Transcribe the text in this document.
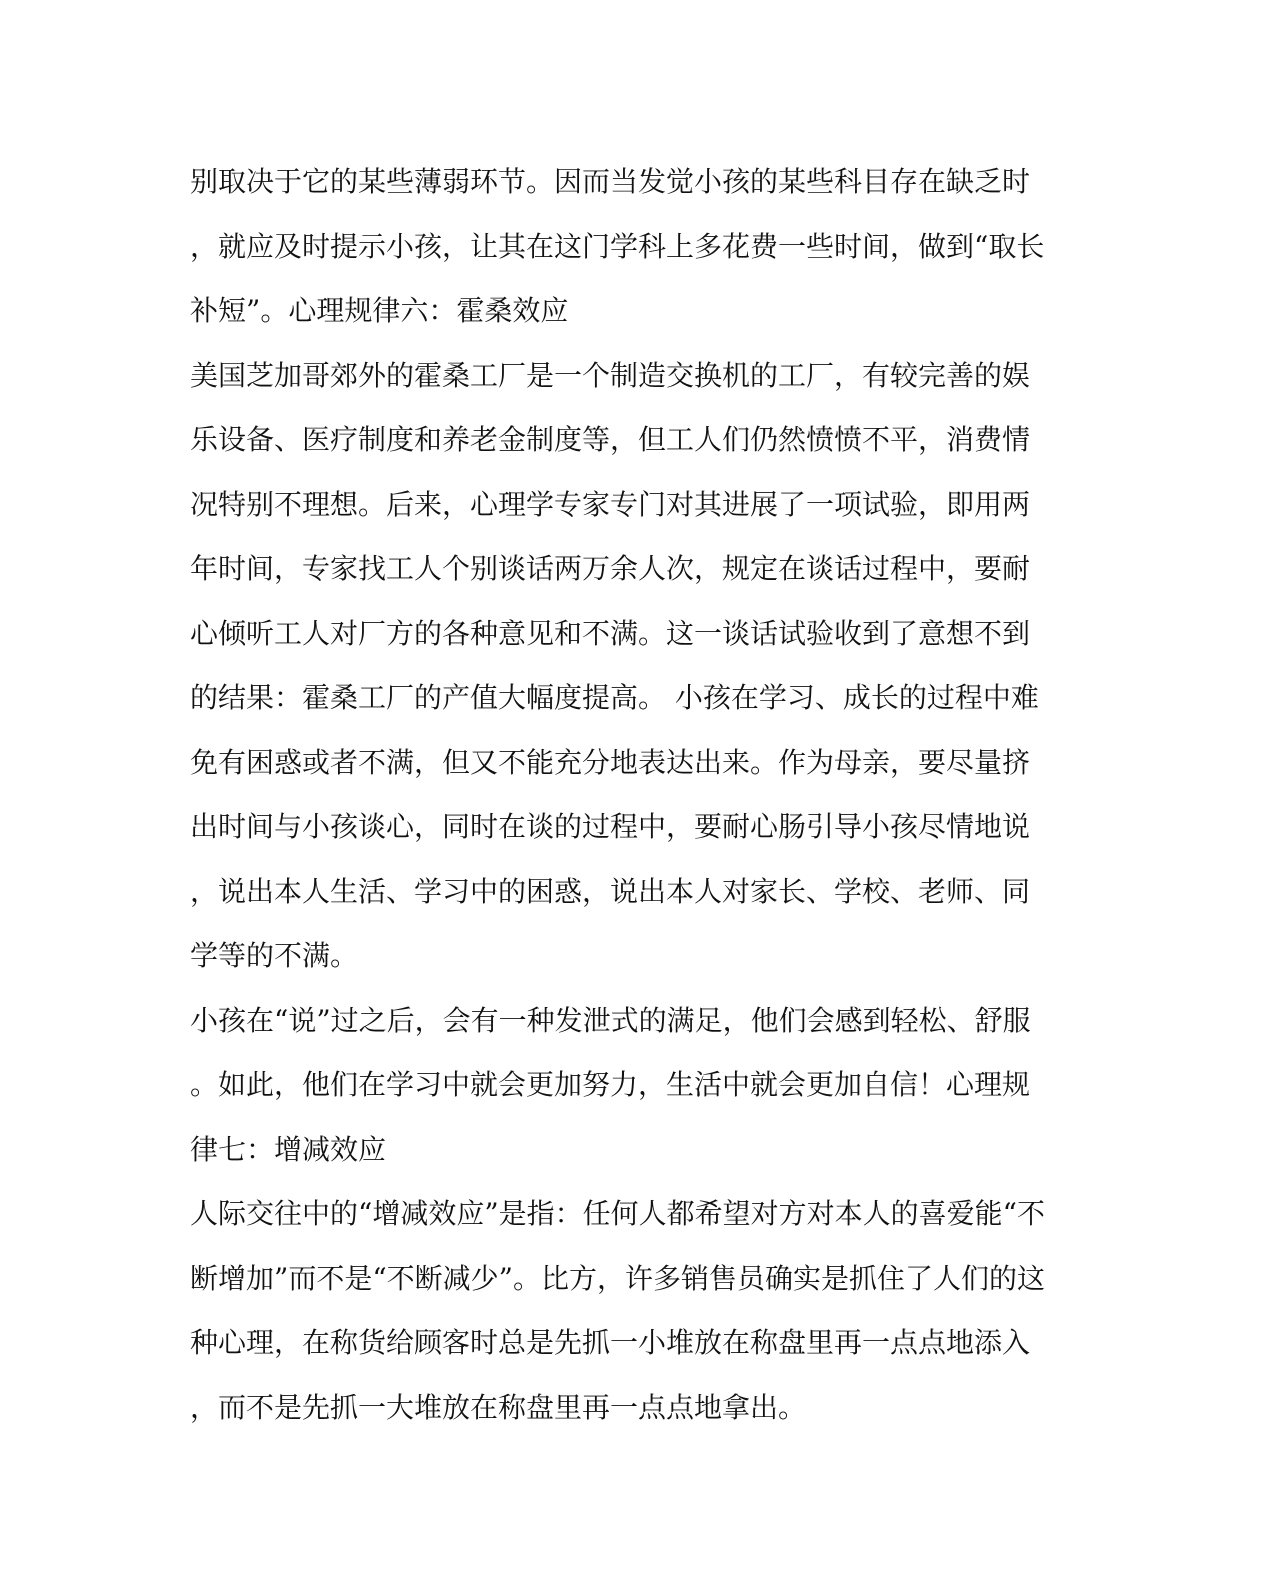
别取决于它的某些薄弱环节。因而当发觉小孩的某些科目存在缺乏时
，就应及时提示小孩，让其在这门学科上多花费一些时间，做到“取长
补短”。心理规律六：霍桑效应
美国芝加哥郊外的霍桑工厂是一个制造交换机的工厂，有较完善的娱
乐设备、医疗制度和养老金制度等，但工人们仍然愤愤不平，消费情
况特别不理想。后来，心理学专家专门对其进展了一项试验，即用两
年时间，专家找工人个别谈话两万余人次，规定在谈话过程中，要耐
心倾听工人对厂方的各种意见和不满。这一谈话试验收到了意想不到
的结果：霍桑工厂的产值大幅度提高。 小孩在学习、成长的过程中难
免有困惑或者不满，但又不能充分地表达出来。作为母亲，要尽量挤
出时间与小孩谈心，同时在谈的过程中，要耐心肠引导小孩尽情地说
，说出本人生活、学习中的困惑，说出本人对家长、学校、老师、同
学等的不满。
小孩在“说”过之后，会有一种发泄式的满足，他们会感到轻松、舒服
。如此，他们在学习中就会更加努力，生活中就会更加自信！心理规
律七：增减效应
人际交往中的“增减效应”是指：任何人都希望对方对本人的喜爱能“不
断增加”而不是“不断减少”。比方，许多销售员确实是抓住了人们的这
种心理，在称货给顾客时总是先抓一小堆放在称盘里再一点点地添入
，而不是先抓一大堆放在称盘里再一点点地拿出。
